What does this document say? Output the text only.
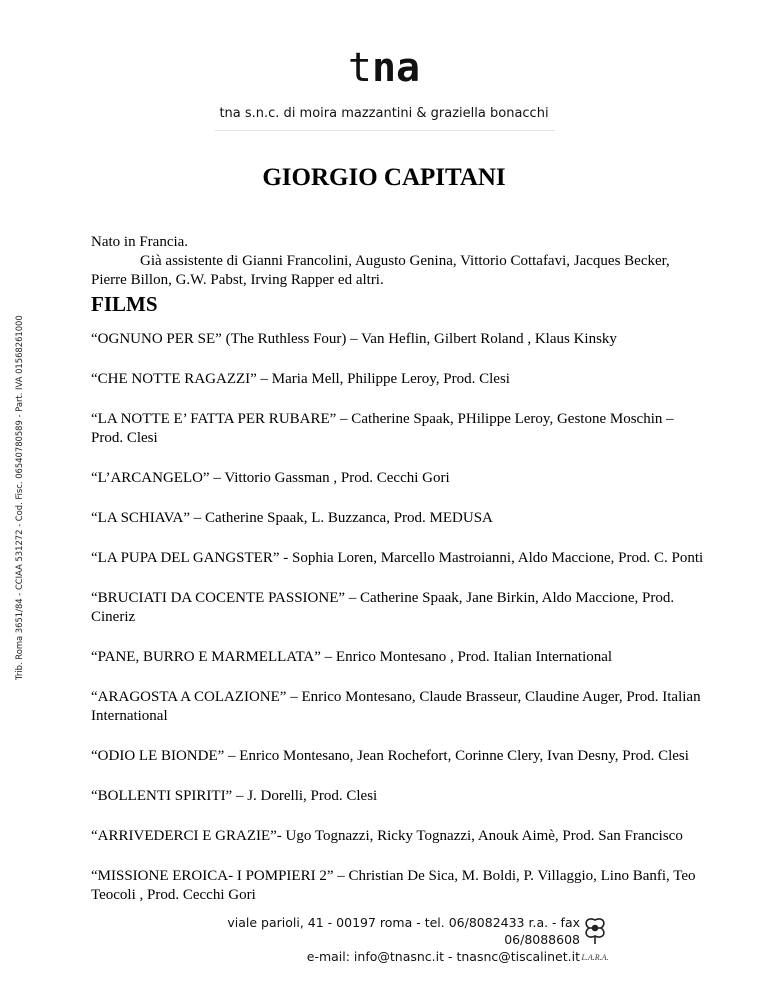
tna
tna s.n.c. di moira mazzantini & graziella bonacchi
GIORGIO CAPITANI

Nato in Francia.

Già assistente di Gianni Francolini, Augusto Genina, Vittorio Cottafavi, Jacques Becker, Pierre Billon, G.W. Pabst, Irving Rapper ed altri.

FILMS

“OGNUNO PER SE” (The Ruthless Four) – Van Heflin, Gilbert Roland , Klaus Kinsky

“CHE NOTTE RAGAZZI” – Maria Mell, Philippe Leroy, Prod. Clesi

“LA NOTTE E’ FATTA PER RUBARE” – Catherine Spaak, PHilippe Leroy, Gestone Moschin – Prod. Clesi

“L’ARCANGELO” – Vittorio Gassman , Prod. Cecchi Gori

“LA SCHIAVA” – Catherine Spaak, L. Buzzanca, Prod. MEDUSA

“LA PUPA DEL GANGSTER” - Sophia Loren, Marcello Mastroianni, Aldo Maccione, Prod. C. Ponti

“BRUCIATI DA COCENTE PASSIONE” – Catherine Spaak, Jane Birkin, Aldo Maccione, Prod. Cineriz

“PANE, BURRO E MARMELLATA” – Enrico Montesano , Prod. Italian International

“ARAGOSTA A COLAZIONE” – Enrico Montesano, Claude Brasseur, Claudine Auger, Prod. Italian International

“ODIO LE BIONDE” – Enrico Montesano, Jean Rochefort, Corinne Clery, Ivan Desny, Prod. Clesi

“BOLLENTI SPIRITI” – J. Dorelli, Prod. Clesi

“ARRIVEDERCI E GRAZIE”- Ugo Tognazzi, Ricky Tognazzi, Anouk Aimè, Prod. San Francisco

“MISSIONE EROICA- I POMPIERI 2” – Christian De Sica, M. Boldi, P. Villaggio, Lino Banfi, Teo Teocoli , Prod. Cecchi Gori

Trib. Roma 3651/84 - CCIAA 531272 - Cod. Fisc. 06540780589 - Part. IVA 01568261000
viale parioli, 41 - 00197 roma - tel. 06/8082433 r.a. - fax 06/8088608
e-mail: info@tnasnc.it - tnasnc@tiscalinet.it L.A.R.A.
